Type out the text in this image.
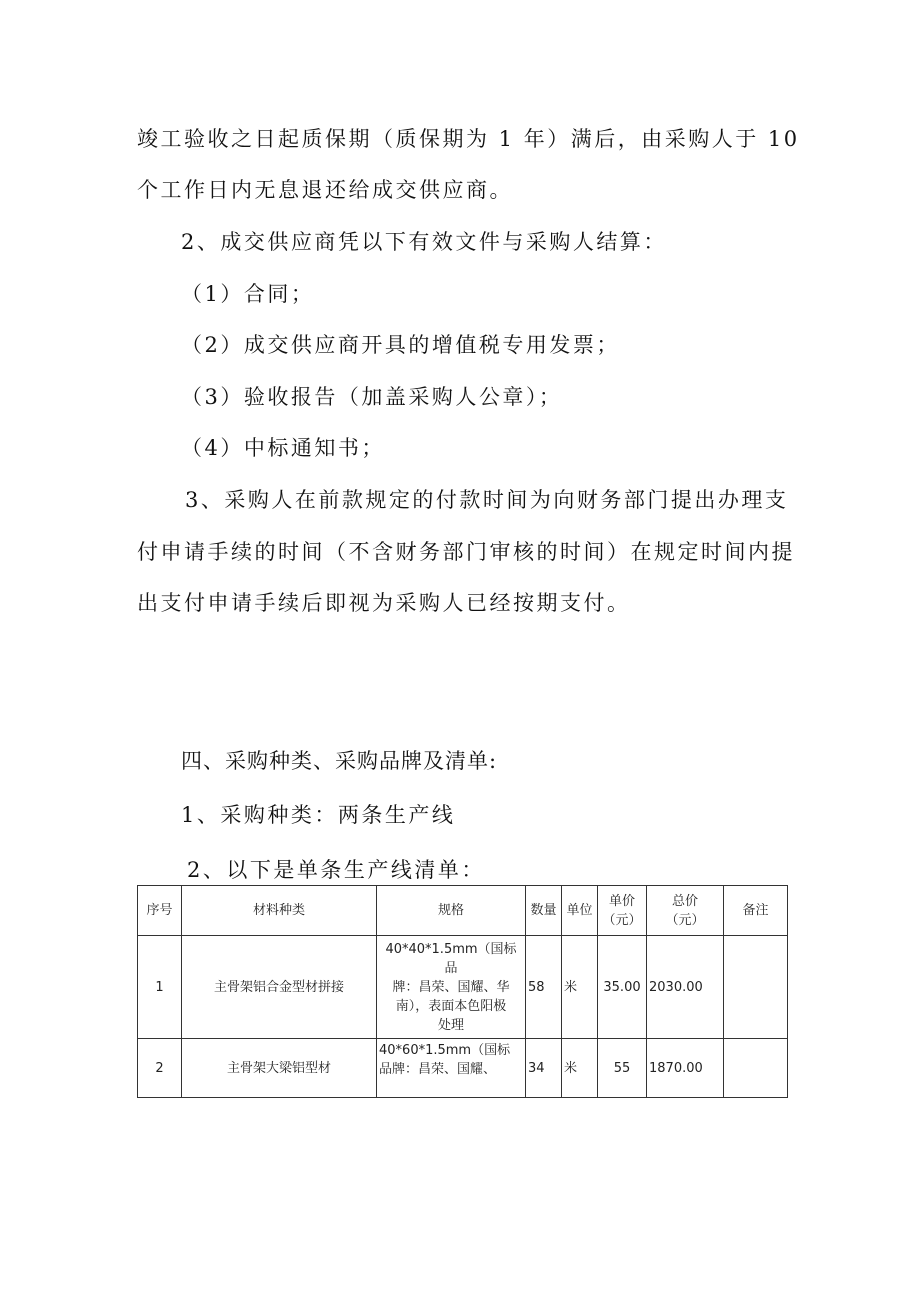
竣工验收之日起质保期（质保期为 1 年）满后，由采购人于 10
个工作日内无息退还给成交供应商。
2、成交供应商凭以下有效文件与采购人结算：
（1）合同；
（2）成交供应商开具的增值税专用发票；
（3）验收报告（加盖采购人公章）；
（4）中标通知书；
3、采购人在前款规定的付款时间为向财务部门提出办理支
付申请手续的时间（不含财务部门审核的时间）在规定时间内提
出支付申请手续后即视为采购人已经按期支付。
四、采购种类、采购品牌及清单:
1、采购种类：两条生产线
2、以下是单条生产线清单：
序号	材料种类	规格	数量	单位	单价
（元）	总价
（元）	备注
1	主骨架铝合金型材拼接	40*40*1.5mm（国标品
牌：昌荣、国耀、华
南），表面本色阳极
处理	58	米	35.00	2030.00	
2	主骨架大梁铝型材	40*60*1.5mm（国标
品牌：昌荣、国耀、	34	米	55	1870.00	
